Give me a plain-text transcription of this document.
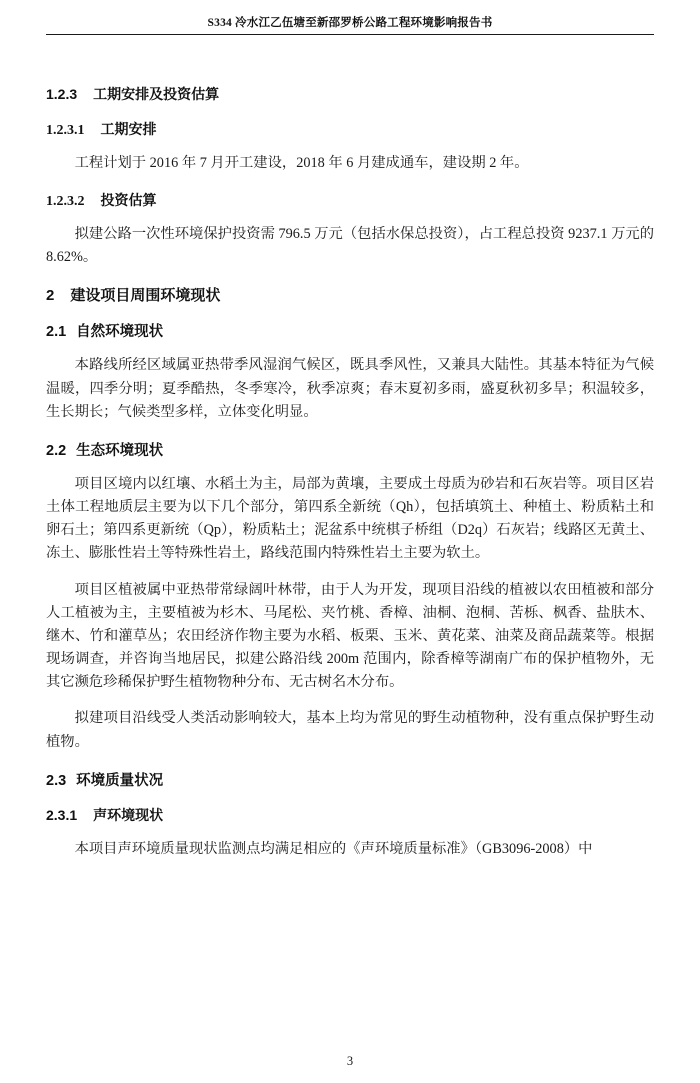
S334 冷水江乙伍塘至新邵罗桥公路工程环境影响报告书
1.2.3 工期安排及投资估算
1.2.3.1 工期安排

工程计划于 2016 年 7 月开工建设，2018 年 6 月建成通车，建设期 2 年。

1.2.3.2 投资估算

拟建公路一次性环境保护投资需 796.5 万元（包括水保总投资），占工程总投资 9237.1 万元的 8.62%。

2 建设项目周围环境现状
2.1 自然环境现状

本路线所经区域属亚热带季风湿润气候区，既具季风性，又兼具大陆性。其基本特征为气候温暖，四季分明；夏季酷热，冬季寒冷，秋季凉爽；春末夏初多雨，盛夏秋初多旱；积温较多，生长期长；气候类型多样，立体变化明显。

2.2 生态环境现状

项目区境内以红壤、水稻土为主，局部为黄壤，主要成土母质为砂岩和石灰岩等。项目区岩土体工程地质层主要为以下几个部分，第四系全新统（Qh），包括填筑土、种植土、粉质粘土和卵石土；第四系更新统（Qp），粉质粘土；泥盆系中统棋子桥组（D2q）石灰岩；线路区无黄土、冻土、膨胀性岩土等特殊性岩土，路线范围内特殊性岩土主要为软土。

项目区植被属中亚热带常绿阔叶林带，由于人为开发，现项目沿线的植被以农田植被和部分人工植被为主，主要植被为杉木、马尾松、夹竹桃、香樟、油桐、泡桐、苦栎、枫香、盐肤木、继木、竹和灌草丛；农田经济作物主要为水稻、板栗、玉米、黄花菜、油菜及商品蔬菜等。根据现场调查，并咨询当地居民，拟建公路沿线 200m 范围内，除香樟等湖南广布的保护植物外，无其它濒危珍稀保护野生植物物种分布、无古树名木分布。

拟建项目沿线受人类活动影响较大，基本上均为常见的野生动植物种，没有重点保护野生动植物。

2.3 环境质量状况
2.3.1 声环境现状

本项目声环境质量现状监测点均满足相应的《声环境质量标准》（GB3096-2008）中

3
